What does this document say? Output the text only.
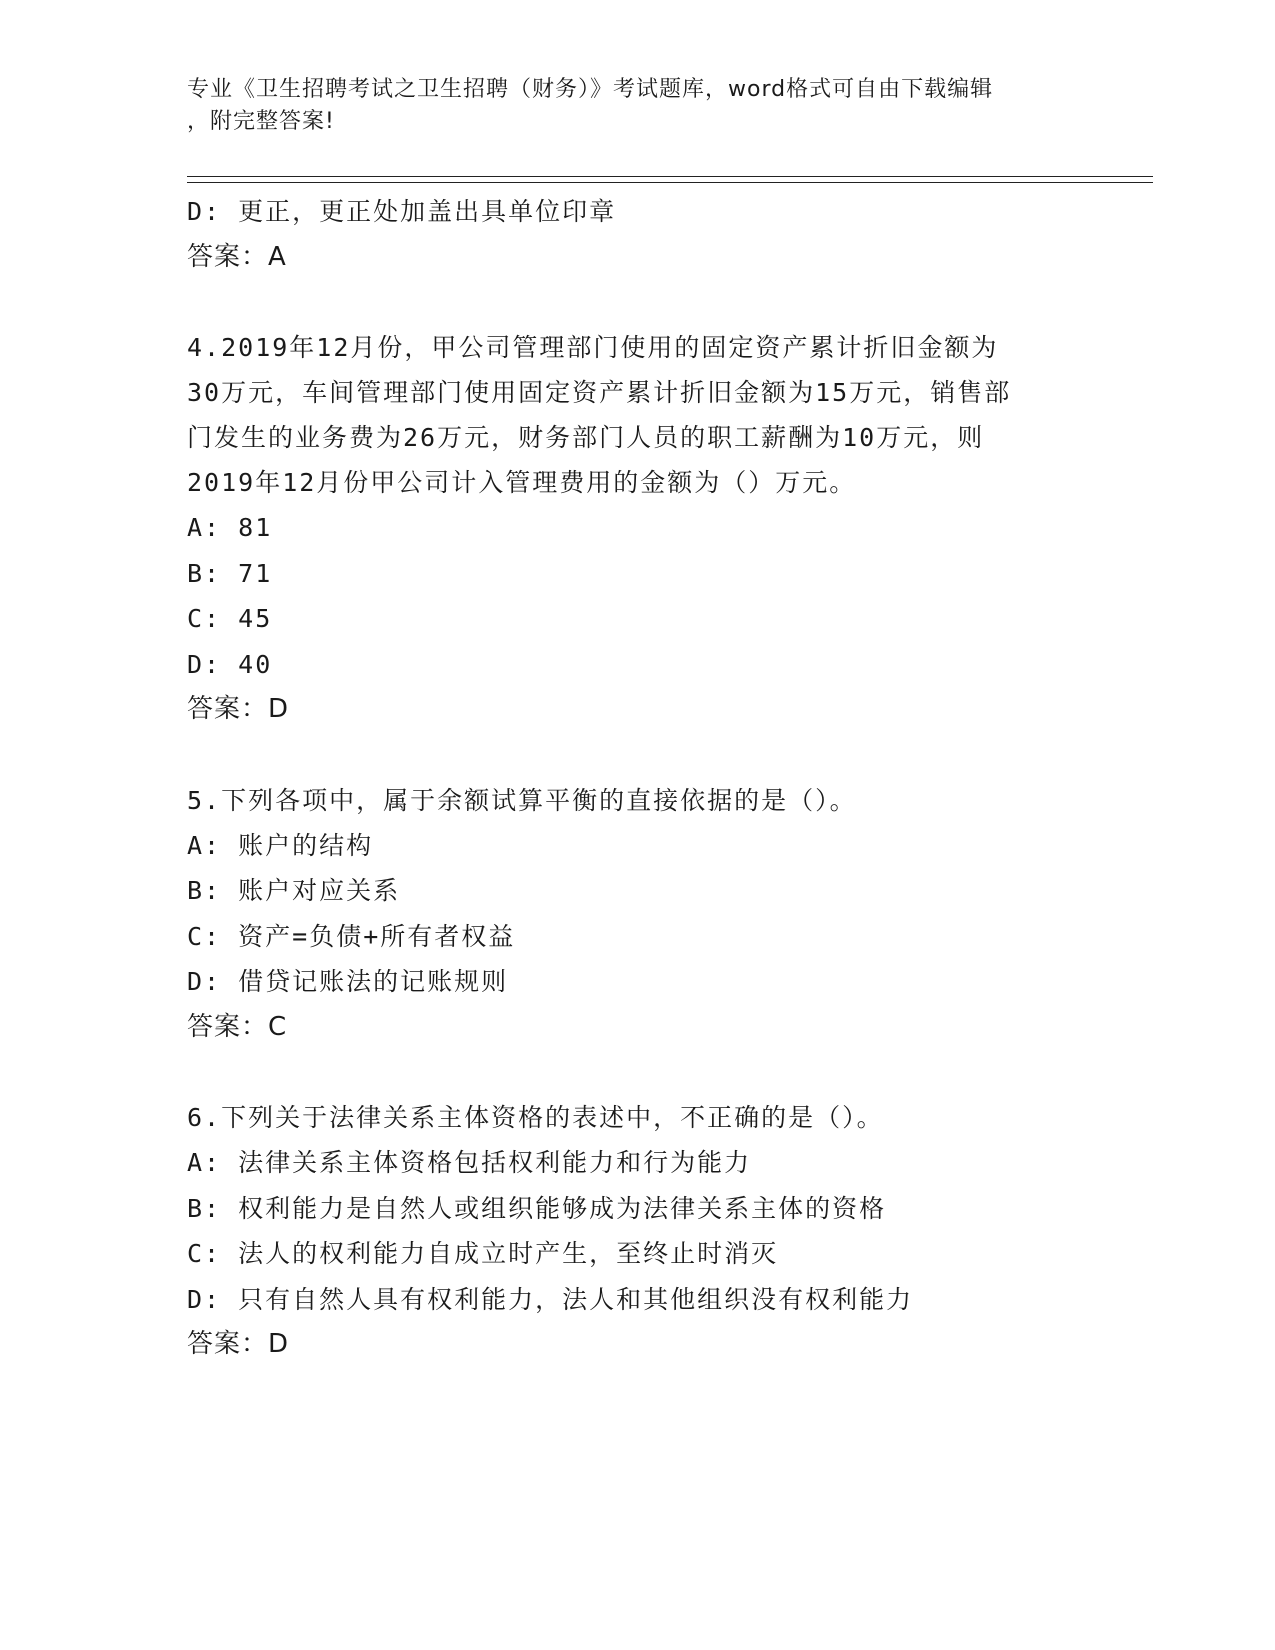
专业《卫生招聘考试之卫生招聘（财务）》考试题库，word格式可自由下载编辑
，附完整答案!
D: 更正，更正处加盖出具单位印章
答案：A
4.2019年12月份，甲公司管理部门使用的固定资产累计折旧金额为
30万元，车间管理部门使用固定资产累计折旧金额为15万元，销售部
门发生的业务费为26万元，财务部门人员的职工薪酬为10万元，则
2019年12月份甲公司计入管理费用的金额为（）万元。
A: 81
B: 71
C: 45
D: 40
答案：D
5.下列各项中，属于余额试算平衡的直接依据的是（）。
A: 账户的结构
B: 账户对应关系
C: 资产=负债+所有者权益
D: 借贷记账法的记账规则
答案：C
6.下列关于法律关系主体资格的表述中，不正确的是（）。
A: 法律关系主体资格包括权利能力和行为能力
B: 权利能力是自然人或组织能够成为法律关系主体的资格
C: 法人的权利能力自成立时产生，至终止时消灭
D: 只有自然人具有权利能力，法人和其他组织没有权利能力
答案：D
